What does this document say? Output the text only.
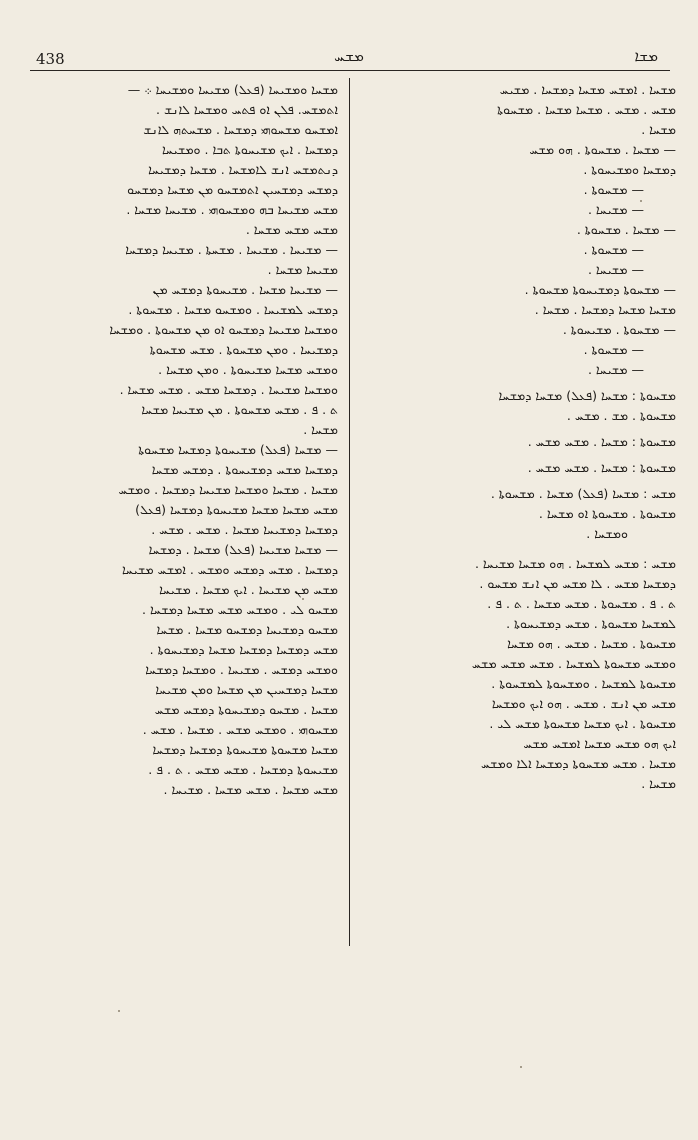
438	ܡܫܚ	ܡܫܐ
ܡܫܚܐ ܘܡܫܝܚܐ (ܦܥܠ) ܡܫܝܚܐ ܘܡܫܝܚܐ ܀ —
ܐܬܡܫܚ. ܦܠܢ ܐܘ ܦܬܚ ܘܡܫܚܐ ܠܐܢܫ .
ܐܡܫܚܘ ܡܫܚܘܗܝ ܕܡܫܚܐ . ܡܫܚܬܗ ܠܐܢܫ
ܕܡܫܚܐ . ܐܝܟ ܡܫܝܚܘܬܐ ܬܒܐ . ܘܡܫܝܚܐ
ܕܢܬܡܫܚ ܐܢܫ ܠܐܡܫܚܐ . ܡܫܚܐ ܕܡܫܝܚܐ
ܕܡܫܚ ܕܡܫܚܝܢ ܐܬܡܫܚܘ ܡܢ ܡܫܚܐ ܕܡܫܚܘ
ܡܫܚ ܡܫܝܚܐ ܒܗ ܘܡܫܚܘܗܝ . ܡܫܝܚܐ ܡܫܚܐ .
ܡܫܚ ܡܫܚ ܡܫܚܐ .
— ܡܫܝܚܐ . ܡܫܝܚܐ . ܡܫܚܬܐ . ܡܫܝܚܐ ܕܡܫܚܐ
ܡܫܝܚܐ ܡܫܚܐ .
— ܡܫܝܚܐ ܡܫܚܐ . ܡܫܝܚܘܬܐ ܕܡܫܚ ܡܢ
ܕܡܫܚ ܠܡܫܝܚܐ . ܘܡܫܚܘ ܡܫܚܐ . ܡܫܚܘܬܐ .
ܘܡܫܚܐ ܡܫܝܚܐ ܕܡܫܚܘ ܐܘ ܡܢ ܡܫܚܘܬܐ . ܘܡܫܚܐ
ܕܡܫܝܚܐ . ܘܡܢ ܡܫܚܘܬܐ . ܡܫܚ ܡܫܚܘܬܐ
ܘܡܫܚ ܡܫܚܐ ܡܫܝܚܘܬܐ . ܘܡܢ ܡܫܚܐ .
ܘܡܫܚܐ ܡܫܝܚܐ . ܕܡܫܚܐ ܡܫܚ . ܡܫܚ ܡܫܚܐ .
ܬ . ܦ . ܡܫܚ ܡܫܚܘܬܐ . ܡܢ ܡܫܝܚܐ ܡܫܚܐ
ܡܫܚܐ .
— ܡܫܚܐ (ܦܥܠ) ܡܫܝܚܘܬܐ ܕܡܫܚܐ ܡܫܚܘܬܐ
ܕܡܫܚܐ ܡܫܚ ܕܡܫܝܚܘܬܐ . ܕܡܫܚ ܡܫܚܐ
ܡܫܚܐ . ܡܫܚܐ ܘܡܫܚܐ ܡܫܝܚܐ ܕܡܫܚܐ . ܘܡܫܚ
ܡܫܚ ܡܫܚܐ ܡܫܚܐ ܡܫܝܚܘܬܐ ܕܡܫܚܐ (ܦܥܠ)
ܕܡܫܚܐ ܕܡܫܝܚܐ ܡܫܚܐ . ܡܫܚ . ܡܫܚ .
— ܡܫܚܐ ܡܫܝܚܐ (ܦܥܠ) ܡܫܚܐ . ܕܡܫܚܐ
ܕܡܫܚܐ . ܡܫܚ ܕܡܫܚ ܘܡܫܚ . ܐܡܫܚ ܡܫܝܚܐ
ܡܫܚ ܡܢ ܡܫܝܚܐ . ܐܝܟ ܡܫܚܐ . ܡܫܝܚܐ
ܡܫܚܘ ܠܝ . ܘܡܫܚ ܡܫܚ ܡܫܚܐ ܕܡܫܚܐ .
ܡܫܚܘ ܕܡܫܝܚܐ ܕܡܫܚܘ ܡܫܚܐ . ܡܫܚܐ
ܡܫܚ ܕܡܫܚܐ ܕܡܫܚܐ ܡܫܚܐ ܕܡܫܝܚܘܬܐ .
ܘܡܫܚ ܕܡܫܚ . ܡܫܝܚܐ . ܘܡܫܚܐ ܕܡܫܚܐ
ܡܫܚܐ ܕܡܫܚܝܢ ܡܢ ܡܫܚܐ ܘܡܢ ܡܫܝܚܐ
ܡܫܚܐ . ܡܫܚܘ ܕܡܫܝܚܘܬܐ ܕܡܫܚ ܡܫܚ
ܡܫܚܘܗܝ . ܘܡܫܚ ܡܫܚ . ܡܫܚܐ . ܡܫܚ .
ܡܫܚܐ ܡܫܚܘܬܐ ܡܫܝܚܘܬܐ ܕܡܫܚܐ ܕܡܫܚܐ
ܡܫܝܚܘܬܐ ܕܡܫܚܐ . ܡܫܚ ܡܫܚ . ܬ . ܦ .
ܡܫܚ ܡܫܚܐ . ܡܫܚ ܡܫܚܐ . ܡܫܝܚܐ .
ܡܫܚܐ . ܐܡܫܚ ܡܫܚܐ ܕܡܫܚܐ . ܡܫܝܚ
ܡܫܚ . ܡܫܚ . ܡܫܚܐ ܡܫܚܐ . ܡܫܚܘܬܐ
ܡܫܚܐ .
— ܡܫܚܐ . ܡܫܚܘܬܐ . ܗܘ ܡܫܚ
ܕܡܫܚܐ ܘܡܫܝܚܘܬܐ .
— ܡܫܚܘܬܐ .
— ܡܫܝܚܐ .
— ܡܫܚܐ . ܡܫܚܘܬܐ .
— ܡܫܚܘܬܐ .
— ܡܫܝܚܐ .
— ܡܫܚܘܬܐ ܕܡܫܝܚܘܬܐ ܡܫܚܘܬܐ .
ܡܫܚܐ ܡܫܚܐ ܕܡܫܚܐ . ܡܫܚܐ .
— ܡܫܚܘܬܐ . ܡܫܝܚܘܬܐ .
— ܡܫܚܘܬܐ .
— ܡܫܝܚܐ .
ܡܫܚܘܬܐ : ܡܫܚܐ (ܦܥܠ) ܡܫܚܐ ܕܡܫܚܐ
ܡܫܚܘܬܐ . ܡܫ . ܡܫܚ .
ܡܫܚܘܬܐ : ܡܫܚܐ . ܡܫܚ ܡܫܚ .
ܡܫܚܘܬܐ : ܡܫܚܐ . ܡܫܚ ܡܫܚ .
ܡܫܚ : ܡܫܚܐ (ܦܥܠ) ܡܫܚܐ . ܡܫܚܘܬܐ .
ܡܫܚܘܬܐ . ܡܫܚܘܬܐ ܐܘ ܡܫܚܐ .
ܘܡܫܚܐ .
ܡܫܚ : ܡܫܚ ܠܡܫܚܐ . ܗܘ ܡܫܚܐ ܡܫܝܚܐ .
ܕܡܫܚܐ ܡܫܚ . ܠܐ ܡܫܚ ܡܢ ܐܢܫ ܡܫܚܘ .
ܬ . ܦ . ܡܫܚܘܬܐ . ܡܫܚ ܡܫܚܐ . ܬ . ܦ .
ܠܡܫܚܐ ܡܫܚܘܬܐ . ܡܫܚ ܕܡܫܝܚܘܬܐ .
ܡܫܚܘܬܐ . ܡܫܚܐ . ܡܫܚ . ܗܘ ܡܫܚܐ
ܘܡܫܚ ܡܫܚܘܬܐ ܠܡܫܚܐ . ܡܫܚ ܡܫܚ ܡܫܚ
ܡܫܚܘܬܐ ܠܡܫܚܐ . ܘܡܫܚܘܬܐ ܠܡܫܚܘܬܐ .
ܡܫܚ ܡܢ ܐܢܫ . ܡܫܚ . ܗܘ ܐܝܟ ܘܡܫܚܐ
ܡܫܚܘܬܐ . ܐܝܟ ܡܫܚܐ ܡܫܚܘܬܐ ܡܫܚ ܠܝ .
ܐܝܟ ܗܘ ܡܫܚ ܡܫܚܐ ܐܡܫܚ ܡܫܚ
ܡܫܚܐ . ܡܫܚ ܡܫܚܘܬܐ ܕܡܫܚܐ ܐܠܐ ܘܡܫܚ
ܡܫܚܐ .
